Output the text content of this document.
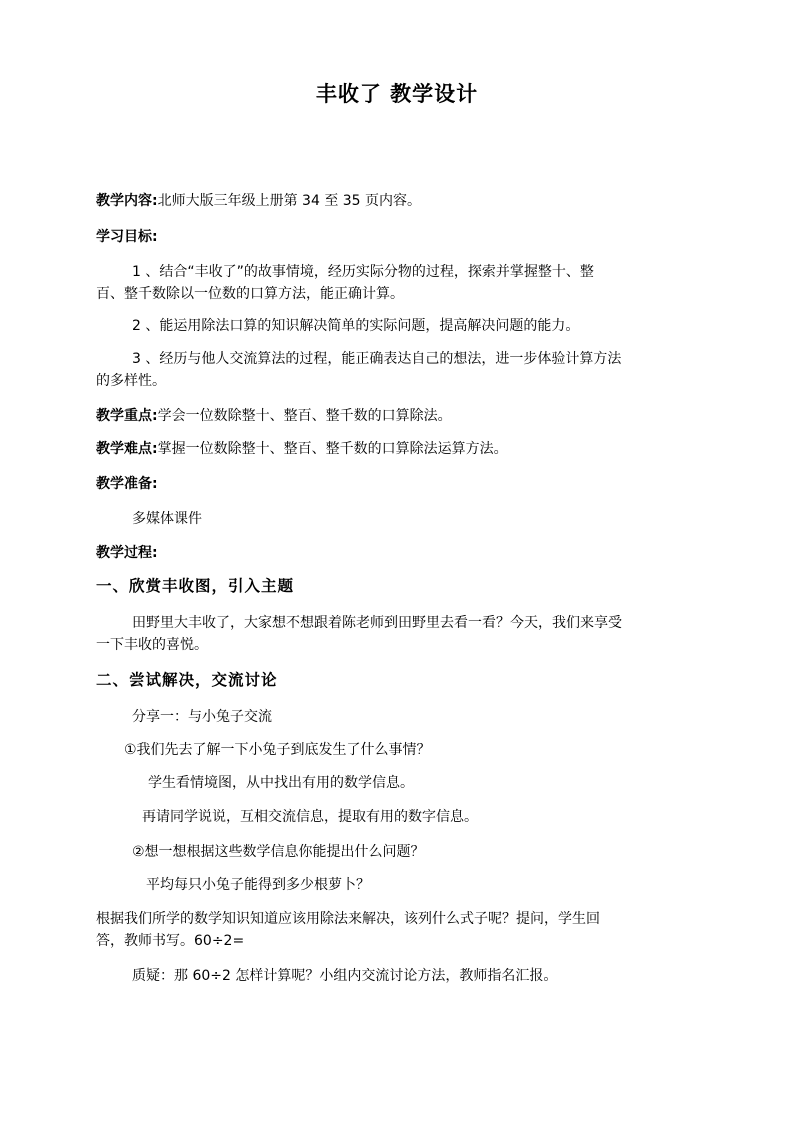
丰收了 教学设计
教学内容:北师大版三年级上册第 34 至 35 页内容。
学习目标:
1 、结合“丰收了”的故事情境，经历实际分物的过程，探索并掌握整十、整
百、整千数除以一位数的口算方法，能正确计算。
2 、能运用除法口算的知识解决简单的实际问题，提高解决问题的能力。
3 、经历与他人交流算法的过程，能正确表达自己的想法，进一步体验计算方法
的多样性。
教学重点:学会一位数除整十、整百、整千数的口算除法。
教学难点:掌握一位数除整十、整百、整千数的口算除法运算方法。
教学准备:
多媒体课件
教学过程:
一、欣赏丰收图，引入主题
田野里大丰收了，大家想不想跟着陈老师到田野里去看一看？今天，我们来享受
一下丰收的喜悦。
二、尝试解决，交流讨论
分享一：与小兔子交流
①我们先去了解一下小兔子到底发生了什么事情？
学生看情境图，从中找出有用的数学信息。
再请同学说说，互相交流信息，提取有用的数字信息。
②想一想根据这些数学信息你能提出什么问题？
平均每只小兔子能得到多少根萝卜？
根据我们所学的数学知识知道应该用除法来解决，该列什么式子呢？提问，学生回
答，教师书写。60÷2=
质疑：那 60÷2 怎样计算呢？小组内交流讨论方法，教师指名汇报。
